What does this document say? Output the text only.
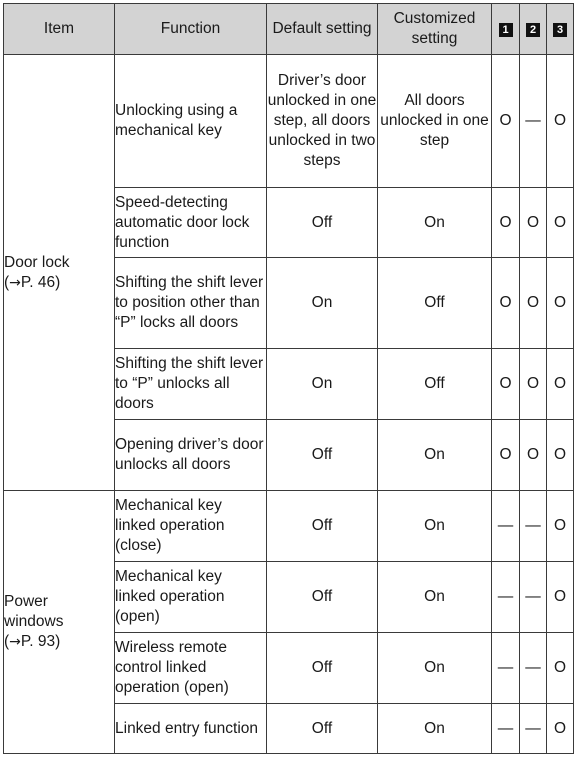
Item	Function	Default setting	Customized setting	1	2	3
Door lock
(→P. 46)	Unlocking using a mechanical key	Driver’s door unlocked in one step, all doors unlocked in two steps	All doors unlocked in one step	O	—	O
	Speed-detecting automatic door lock function	Off	On	O	O	O
	Shifting the shift lever to position other than “P” locks all doors	On	Off	O	O	O
	Shifting the shift lever to “P” unlocks all doors	On	Off	O	O	O
	Opening driver’s door unlocks all doors	Off	On	O	O	O
Power windows
(→P. 93)	Mechanical key linked operation (close)	Off	On	—	—	O
	Mechanical key linked operation (open)	Off	On	—	—	O
	Wireless remote control linked operation (open)	Off	On	—	—	O
	Linked entry function	Off	On	—	—	O
